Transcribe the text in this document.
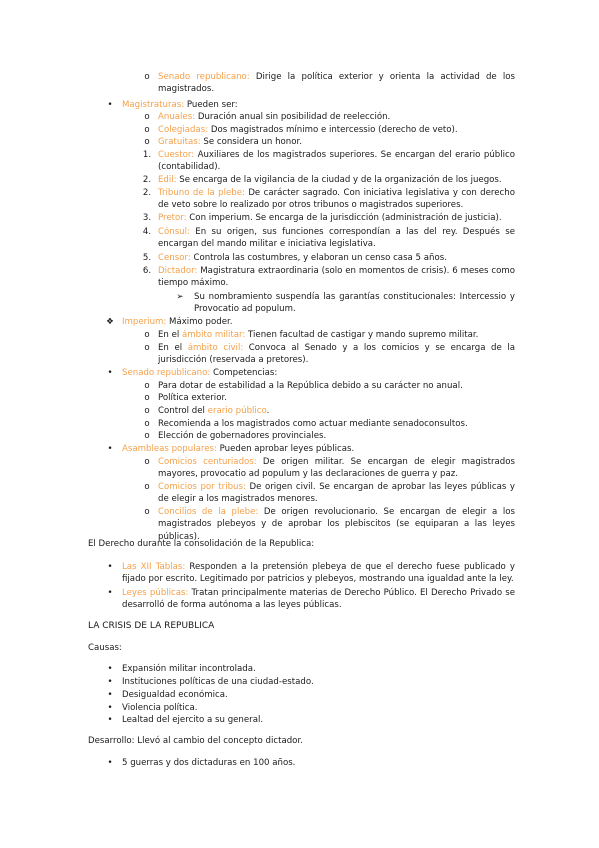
o Senado republicano: Dirige la política exterior y orienta la actividad de los magistrados.
•	Magistraturas: Pueden ser:
o Anuales: Duración anual sin posibilidad de reelección.
o Colegiadas: Dos magistrados mínimo e intercessio (derecho de veto).
o Gratuitas: Se considera un honor.
1. Cuestor: Auxiliares de los magistrados superiores. Se encargan del erario público (contabilidad).
2. Edil: Se encarga de la vigilancia de la ciudad y de la organización de los juegos.
2. Tribuno de la plebe: De carácter sagrado. Con iniciativa legislativa y con derecho de veto sobre lo realizado por otros tribunos o magistrados superiores.
3. Pretor: Con imperium. Se encarga de la jurisdicción (administración de justicia).
4. Cónsul: En su origen, sus funciones correspondían a las del rey. Después se encargan del mando militar e iniciativa legislativa.
5. Censor: Controla las costumbres, y elaboran un censo casa 5 años.
6. Dictador: Magistratura extraordinaria (solo en momentos de crisis). 6 meses como tiempo máximo.
➢	Su nombramiento suspendía las garantías constitucionales: Intercessio y Provocatio ad populum.
❖ Imperium: Máximo poder.
o En el ámbito militar: Tienen facultad de castigar y mando supremo militar.
o En el ámbito civil: Convoca al Senado y a los comicios y se encarga de la jurisdicción (reservada a pretores).
•	Senado republicano: Competencias:
o Para dotar de estabilidad a la República debido a su carácter no anual.
o Política exterior.
o Control del erario público.
o Recomienda a los magistrados como actuar mediante senadoconsultos.
o Elección de gobernadores provinciales.
•	Asambleas populares: Pueden aprobar leyes públicas.
o Comicios centuriados: De origen militar. Se encargan de elegir magistrados mayores, provocatio ad populum y las declaraciones de guerra y paz.
o Comicios por tribus: De origen civil. Se encargan de aprobar las leyes públicas y de elegir a los magistrados menores.
o Concilios de la plebe: De origen revolucionario. Se encargan de elegir a los magistrados plebeyos y de aprobar los plebiscitos (se equiparan a las leyes públicas).
El Derecho durante la consolidación de la Republica:
•	Las XII Tablas: Responden a la pretensión plebeya de que el derecho fuese publicado y fijado por escrito. Legitimado por patricios y plebeyos, mostrando una igualdad ante la ley.
•	Leyes públicas: Tratan principalmente materias de Derecho Público. El Derecho Privado se desarrolló de forma autónoma a las leyes públicas.
LA CRISIS DE LA REPUBLICA
Causas:
•	Expansión militar incontrolada.
•	Instituciones políticas de una ciudad-estado.
•	Desigualdad económica.
•	Violencia política.
•	Lealtad del ejercito a su general.
Desarrollo: Llevó al cambio del concepto dictador.
•	5 guerras y dos dictaduras en 100 años.
